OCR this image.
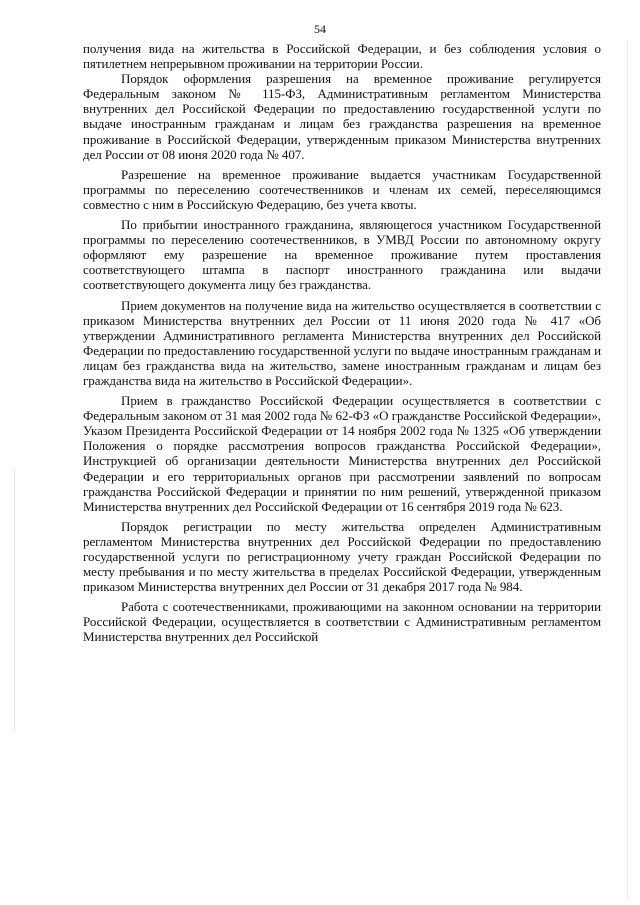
54

получения вида на жительства в Российской Федерации, и без соблюдения условия о пятилетнем непрерывном проживании на территории России.

Порядок оформления разрешения на временное проживание регулируется Федеральным законом № 115-ФЗ, Административным регламентом Министерства внутренних дел Российской Федерации по предоставлению государственной услуги по выдаче иностранным гражданам и лицам без гражданства разрешения на временное проживание в Российской Федерации, утвержденным приказом Министерства внутренних дел России от 08 июня 2020 года № 407.

Разрешение на временное проживание выдается участникам Государственной программы по переселению соотечественников и членам их семей, переселяющимся совместно с ним в Российскую Федерацию, без учета квоты.

По прибытии иностранного гражданина, являющегося участником Государственной программы по переселению соотечественников, в УМВД России по автономному округу оформляют ему разрешение на временное проживание путем проставления соответствующего штампа в паспорт иностранного гражданина или выдачи соответствующего документа лицу без гражданства.

Прием документов на получение вида на жительство осуществляется в соответствии с приказом Министерства внутренних дел России от 11 июня 2020 года № 417 «Об утверждении Административного регламента Министерства внутренних дел Российской Федерации по предоставлению государственной услуги по выдаче иностранным гражданам и лицам без гражданства вида на жительство, замене иностранным гражданам и лицам без гражданства вида на жительство в Российской Федерации».

Прием в гражданство Российской Федерации осуществляется в соответствии с Федеральным законом от 31 мая 2002 года № 62-ФЗ «О гражданстве Российской Федерации», Указом Президента Российской Федерации от 14 ноября 2002 года № 1325 «Об утверждении Положения о порядке рассмотрения вопросов гражданства Российской Федерации», Инструкцией об организации деятельности Министерства внутренних дел Российской Федерации и его территориальных органов при рассмотрении заявлений по вопросам гражданства Российской Федерации и принятии по ним решений, утвержденной приказом Министерства внутренних дел Российской Федерации от 16 сентября 2019 года № 623.

Порядок регистрации по месту жительства определен Административным регламентом Министерства внутренних дел Российской Федерации по предоставлению государственной услуги по регистрационному учету граждан Российской Федерации по месту пребывания и по месту жительства в пределах Российской Федерации, утвержденным приказом Министерства внутренних дел России от 31 декабря 2017 года № 984.

Работа с соотечественниками, проживающими на законном основании на территории Российской Федерации, осуществляется в соответствии с Административным регламентом Министерства внутренних дел Российской
